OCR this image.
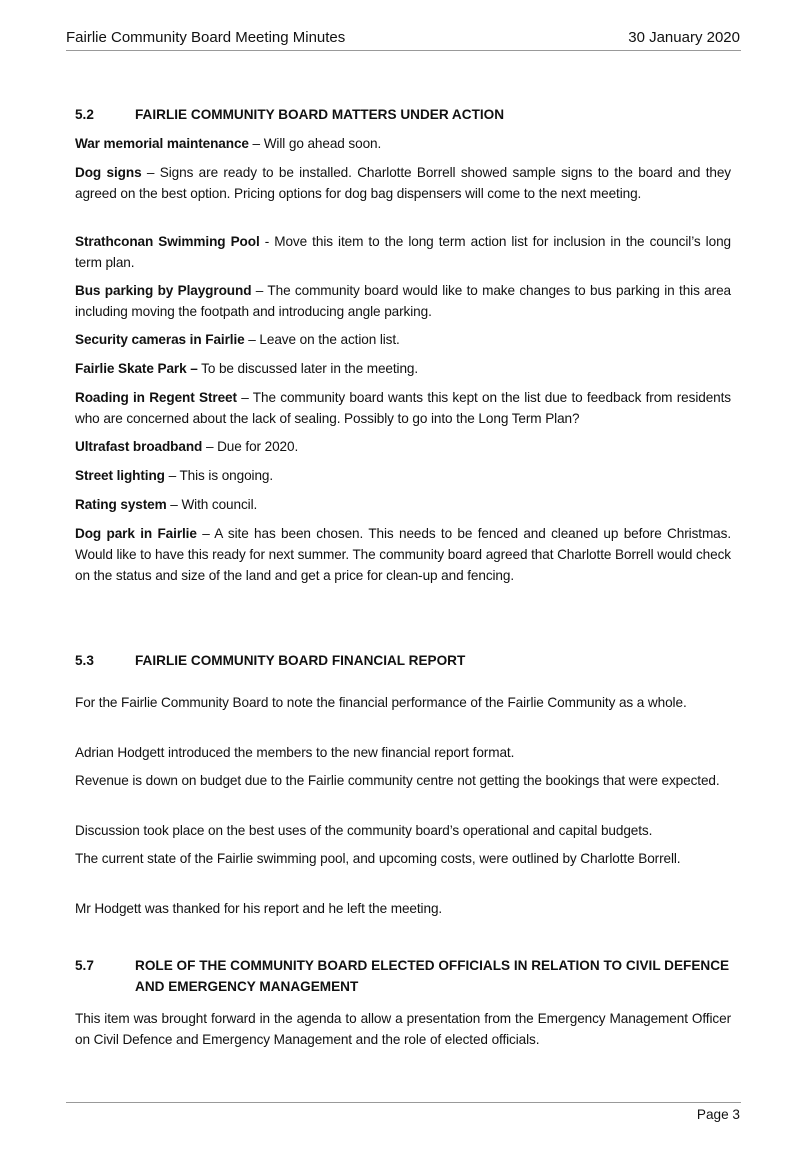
Fairlie Community Board Meeting Minutes	30 January 2020
5.2	FAIRLIE COMMUNITY BOARD MATTERS UNDER ACTION
War memorial maintenance – Will go ahead soon.
Dog signs – Signs are ready to be installed. Charlotte Borrell showed sample signs to the board and they agreed on the best option. Pricing options for dog bag dispensers will come to the next meeting.
Strathconan Swimming Pool - Move this item to the long term action list for inclusion in the council’s long term plan.
Bus parking by Playground – The community board would like to make changes to bus parking in this area including moving the footpath and introducing angle parking.
Security cameras in Fairlie – Leave on the action list.
Fairlie Skate Park – To be discussed later in the meeting.
Roading in Regent Street – The community board wants this kept on the list due to feedback from residents who are concerned about the lack of sealing. Possibly to go into the Long Term Plan?
Ultrafast broadband – Due for 2020.
Street lighting – This is ongoing.
Rating system – With council.
Dog park in Fairlie – A site has been chosen. This needs to be fenced and cleaned up before Christmas. Would like to have this ready for next summer. The community board agreed that Charlotte Borrell would check on the status and size of the land and get a price for clean-up and fencing.
5.3	FAIRLIE COMMUNITY BOARD FINANCIAL REPORT
For the Fairlie Community Board to note the financial performance of the Fairlie Community as a whole.
Adrian Hodgett introduced the members to the new financial report format.
Revenue is down on budget due to the Fairlie community centre not getting the bookings that were expected.
Discussion took place on the best uses of the community board’s operational and capital budgets.
The current state of the Fairlie swimming pool, and upcoming costs, were outlined by Charlotte Borrell.
Mr Hodgett was thanked for his report and he left the meeting.
5.7	ROLE OF THE COMMUNITY BOARD ELECTED OFFICIALS IN RELATION TO CIVIL DEFENCE AND EMERGENCY MANAGEMENT
This item was brought forward in the agenda to allow a presentation from the Emergency Management Officer on Civil Defence and Emergency Management and the role of elected officials.
Page 3
